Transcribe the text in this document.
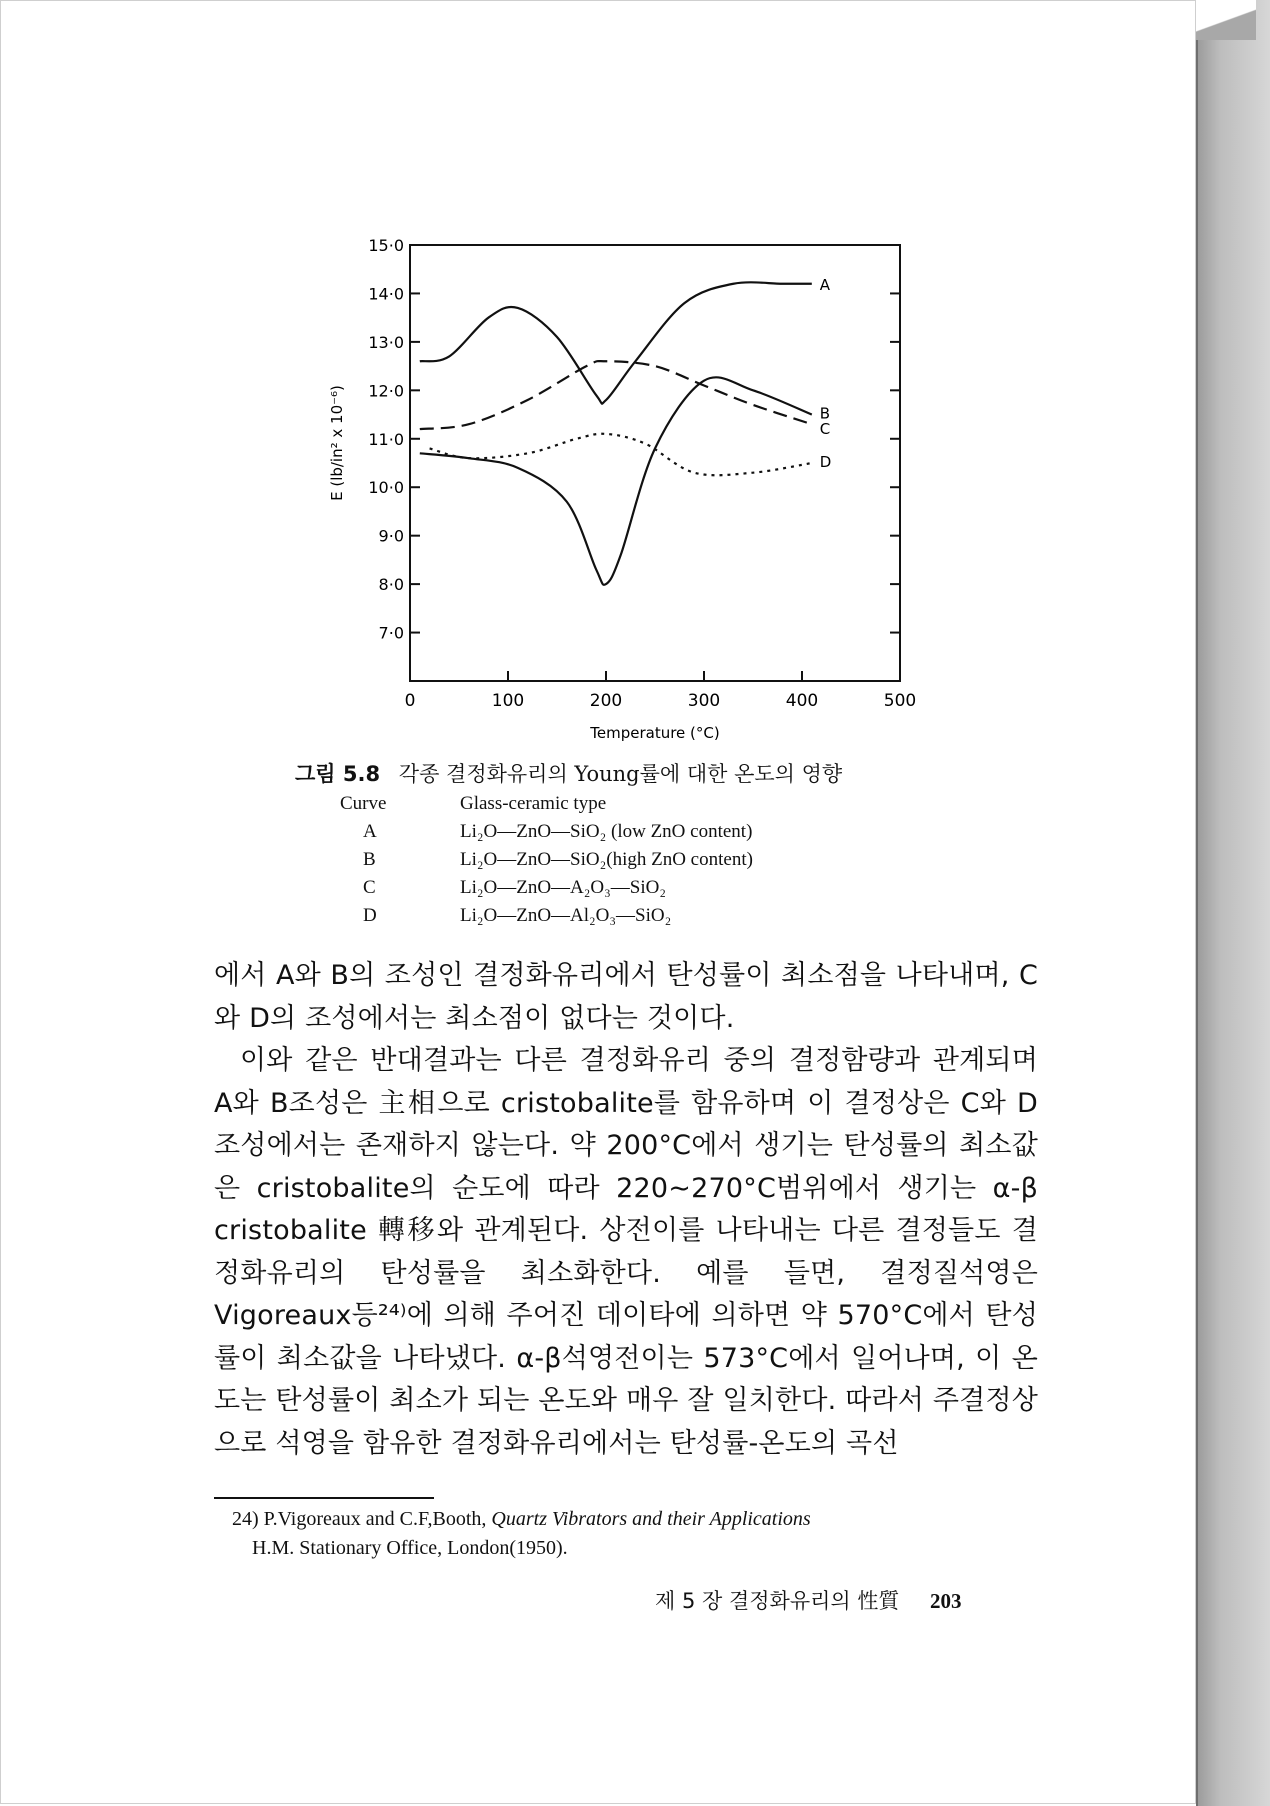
15·0
14·0
13·0
12·0
11·0
10·0
9·0
8·0
7·0
0	100	200	300	400	500
Temperature (°C)
E (lb/in² x 10⁻⁶)
A
B
C
D
그림 5.8 각종 결정화유리의 Young률에 대한 온도의 영향
Curve	Glass-ceramic type
A	Li₂O—ZnO—SiO₂ (low ZnO content)
B	Li₂O—ZnO—SiO₂(high ZnO content)
C	Li₂O—ZnO—A₂O₃—SiO₂
D	Li₂O—ZnO—Al₂O₃—SiO₂

에서 A와 B의 조성인 결정화유리에서 탄성률이 최소점을 나타내며, C와 D의 조성에서는 최소점이 없다는 것이다.

이와 같은 반대결과는 다른 결정화유리 중의 결정함량과 관계되며 A와 B조성은 主相으로 cristobalite를 함유하며 이 결정상은 C와 D조성에서는 존재하지 않는다. 약 200°C에서 생기는 탄성률의 최소값은 cristobalite의 순도에 따라 220∼270°C범위에서 생기는 α-β cristobalite 轉移와 관계된다. 상전이를 나타내는 다른 결정들도 결정화유리의 탄성률을 최소화한다. 예를 들면, 결정질석영은 Vigoreaux등²⁴⁾에 의해 주어진 데이타에 의하면 약 570°C에서 탄성률이 최소값을 나타냈다. α-β석영전이는 573°C에서 일어나며, 이 온도는 탄성률이 최소가 되는 온도와 매우 잘 일치한다. 따라서 주결정상으로 석영을 함유한 결정화유리에서는 탄성률-온도의 곡선

24) P.Vigoreaux and C.F,Booth, Quartz Vibrators and their Applications
H.M. Stationary Office, London(1950).
제 5 장 결정화유리의 性質 203
